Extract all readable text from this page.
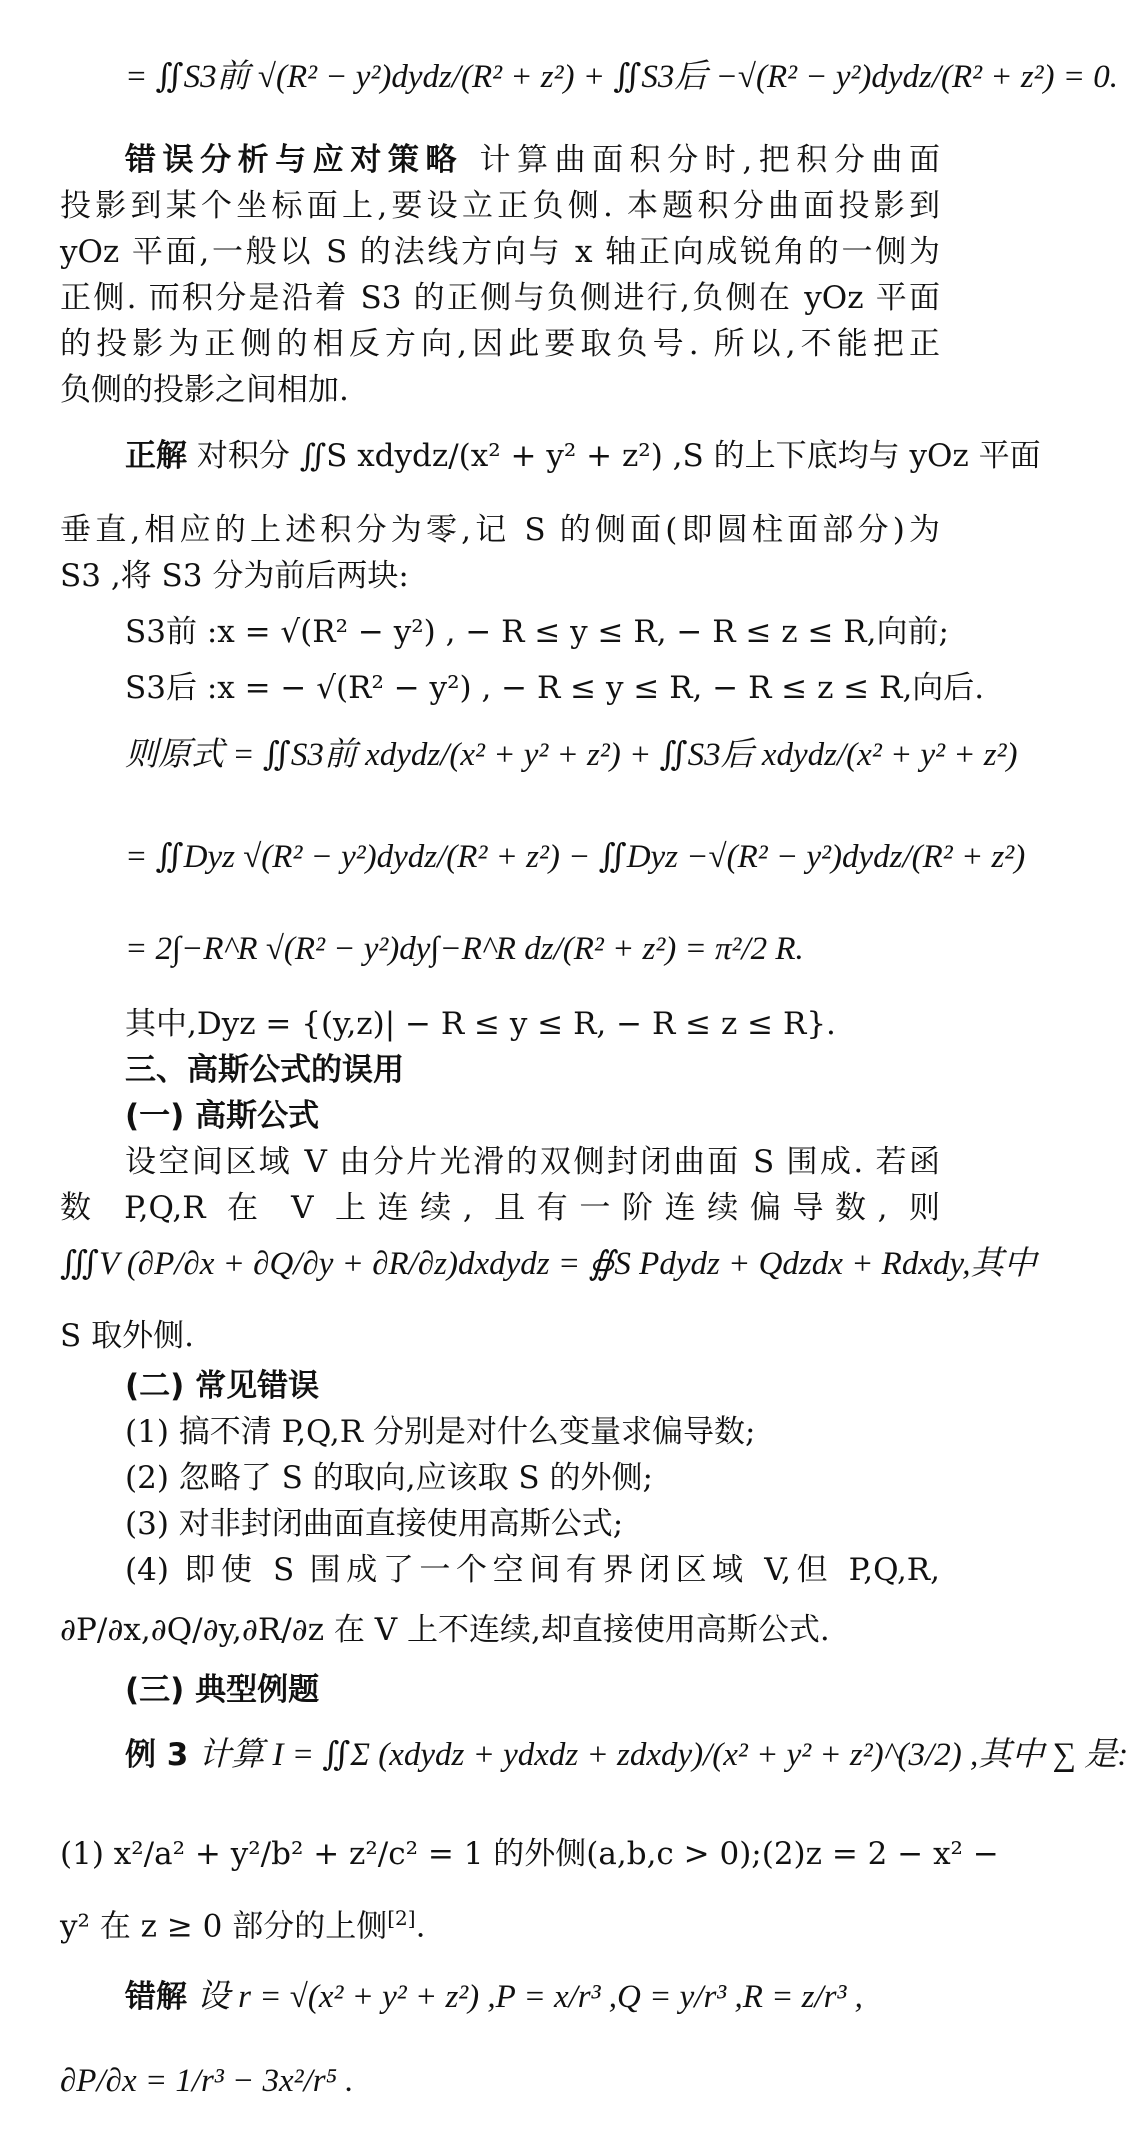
= ∬S3前 √(R² − y²)dydz/(R² + z²) + ∬S3后 −√(R² − y²)dydz/(R² + z²) = 0.
错误分析与应对策略 计算曲面积分时,把积分曲面
投影到某个坐标面上,要设立正负侧. 本题积分曲面投影到
yOz 平面,一般以 S 的法线方向与 x 轴正向成锐角的一侧为
正侧. 而积分是沿着 S3 的正侧与负侧进行,负侧在 yOz 平面
的投影为正侧的相反方向,因此要取负号. 所以,不能把正
负侧的投影之间相加.
正解 对积分 ∬S xdydz/(x² + y² + z²) ,S 的上下底均与 yOz 平面
垂直,相应的上述积分为零,记 S 的侧面(即圆柱面部分)为
S3 ,将 S3 分为前后两块:
S3前 :x = √(R² − y²) , − R ≤ y ≤ R, − R ≤ z ≤ R,向前;
S3后 :x = − √(R² − y²) , − R ≤ y ≤ R, − R ≤ z ≤ R,向后.
则原式 = ∬S3前 xdydz/(x² + y² + z²) + ∬S3后 xdydz/(x² + y² + z²)
= ∬Dyz √(R² − y²)dydz/(R² + z²) − ∬Dyz −√(R² − y²)dydz/(R² + z²)
= 2∫−R^R √(R² − y²)dy∫−R^R dz/(R² + z²) = π²/2 R.
其中,Dyz = {(y,z)| − R ≤ y ≤ R, − R ≤ z ≤ R}.
三、高斯公式的误用
(一) 高斯公式
设空间区域 V 由分片光滑的双侧封闭曲面 S 围成. 若函
数 P,Q,R 在 V 上连续, 且有一阶连续偏导数, 则
∭V (∂P/∂x + ∂Q/∂y + ∂R/∂z)dxdydz = ∯S Pdydz + Qdzdx + Rdxdy,其中
S 取外侧.
(二) 常见错误
(1) 搞不清 P,Q,R 分别是对什么变量求偏导数;
(2) 忽略了 S 的取向,应该取 S 的外侧;
(3) 对非封闭曲面直接使用高斯公式;
(4) 即使 S 围成了一个空间有界闭区域 V,但 P,Q,R,
∂P/∂x,∂Q/∂y,∂R/∂z 在 V 上不连续,却直接使用高斯公式.
(三) 典型例题
例 3 计算 I = ∬Σ (xdydz + ydxdz + zdxdy)/(x² + y² + z²)^(3/2) ,其中 ∑ 是:
(1) x²/a² + y²/b² + z²/c² = 1 的外侧(a,b,c > 0);(2)z = 2 − x² −
y² 在 z ≥ 0 部分的上侧[2].
错解 设 r = √(x² + y² + z²) ,P = x/r³ ,Q = y/r³ ,R = z/r³ ,
∂P/∂x = 1/r³ − 3x²/r⁵ .
